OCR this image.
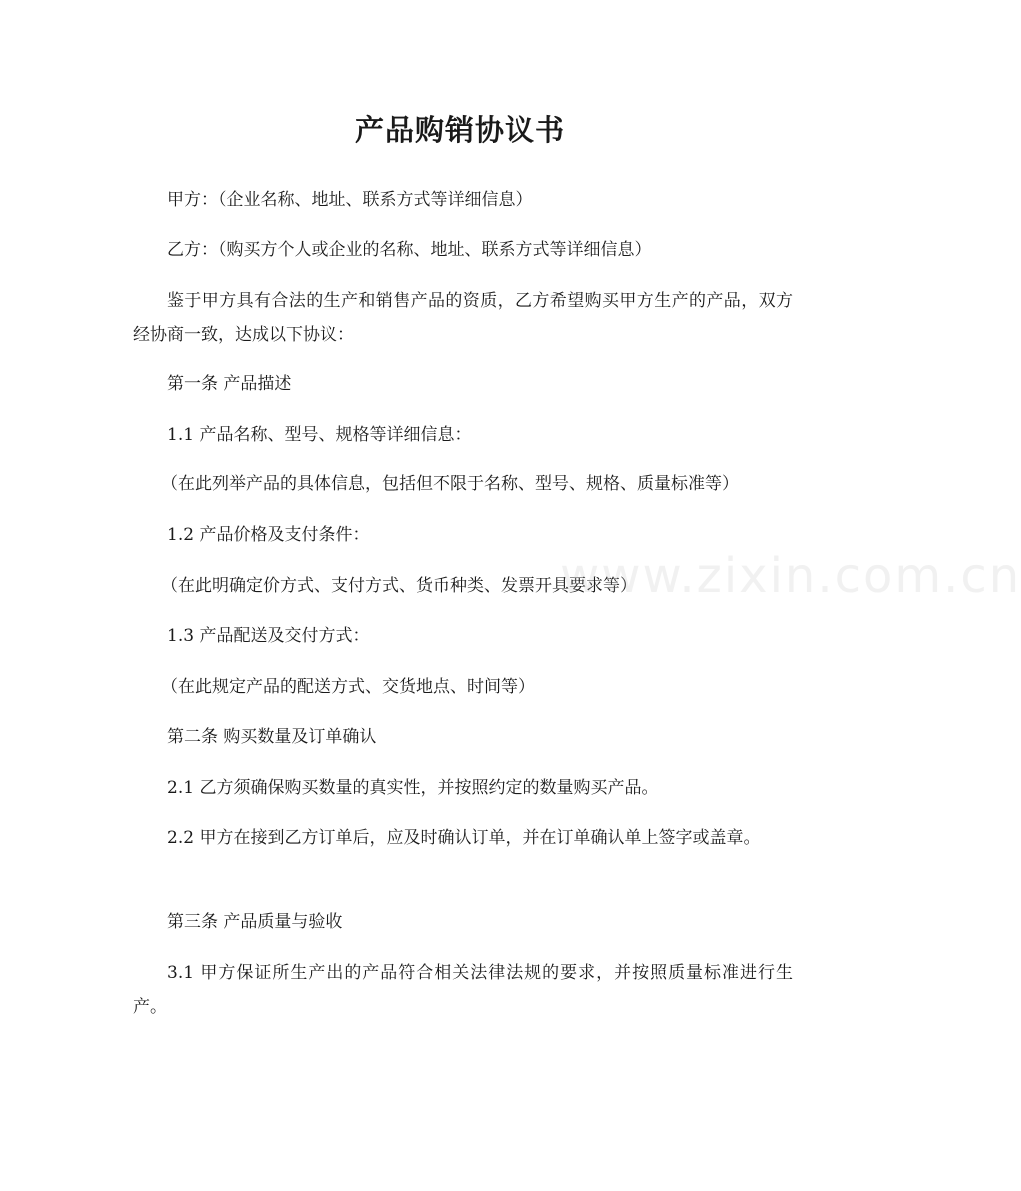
产品购销协议书

甲方：（企业名称、地址、联系方式等详细信息）

乙方：（购买方个人或企业的名称、地址、联系方式等详细信息）

鉴于甲方具有合法的生产和销售产品的资质，乙方希望购买甲方生产的产品，双方经协商一致，达成以下协议：

第一条 产品描述

1.1 产品名称、型号、规格等详细信息：

（在此列举产品的具体信息，包括但不限于名称、型号、规格、质量标准等）

1.2 产品价格及支付条件：

（在此明确定价方式、支付方式、货币种类、发票开具要求等）

1.3 产品配送及交付方式：

（在此规定产品的配送方式、交货地点、时间等）

第二条 购买数量及订单确认

2.1 乙方须确保购买数量的真实性，并按照约定的数量购买产品。

2.2 甲方在接到乙方订单后，应及时确认订单，并在订单确认单上签字或盖章。

第三条 产品质量与验收

3.1 甲方保证所生产出的产品符合相关法律法规的要求，并按照质量标准进行生产。

www.zixin.com.cn
